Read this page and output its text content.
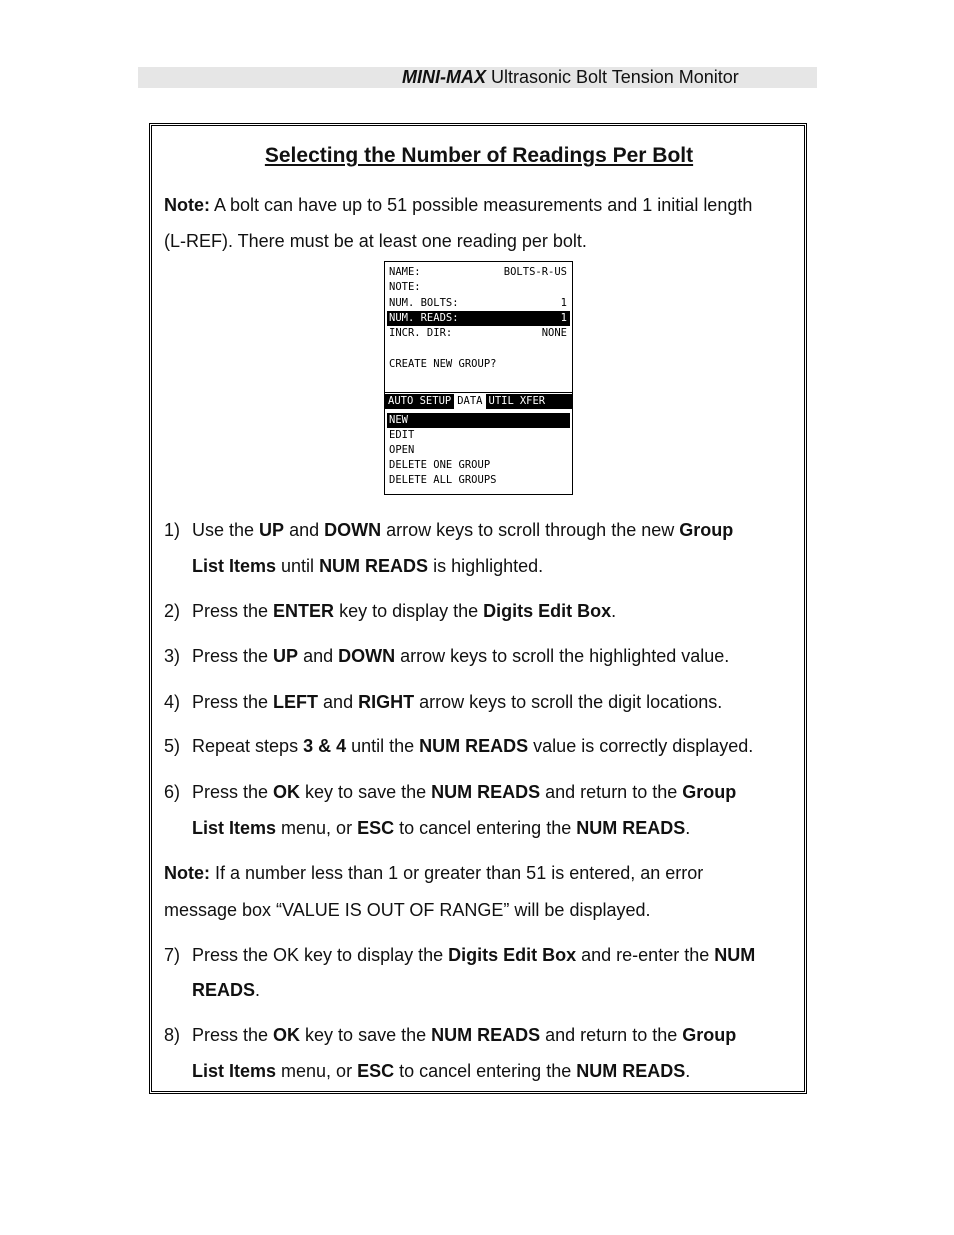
MINI-MAX Ultrasonic Bolt Tension Monitor
Selecting the Number of Readings Per Bolt
Note: A bolt can have up to 51 possible measurements and 1 initial length
(L-REF). There must be at least one reading per bolt.
1) Use the UP and DOWN arrow keys to scroll through the new Group
List Items until NUM READS is highlighted.
2) Press the ENTER key to display the Digits Edit Box.
3) Press the UP and DOWN arrow keys to scroll the highlighted value.
4) Press the LEFT and RIGHT arrow keys to scroll the digit locations.
5) Repeat steps 3 & 4 until the NUM READS value is correctly displayed.
6) Press the OK key to save the NUM READS and return to the Group
List Items menu, or ESC to cancel entering the NUM READS.
Note: If a number less than 1 or greater than 51 is entered, an error
message box “VALUE IS OUT OF RANGE” will be displayed.
7) Press the OK key to display the Digits Edit Box and re-enter the NUM
READS.
8) Press the OK key to save the NUM READS and return to the Group
List Items menu, or ESC to cancel entering the NUM READS.
NAME:	BOLTS-R-US
NOTE:
NUM. BOLTS:	1
NUM. READS:	1
INCR. DIR:	NONE
CREATE NEW GROUP?
AUTO SETUP DATA UTIL XFER
NEW
EDIT
OPEN
DELETE ONE GROUP
DELETE ALL GROUPS
